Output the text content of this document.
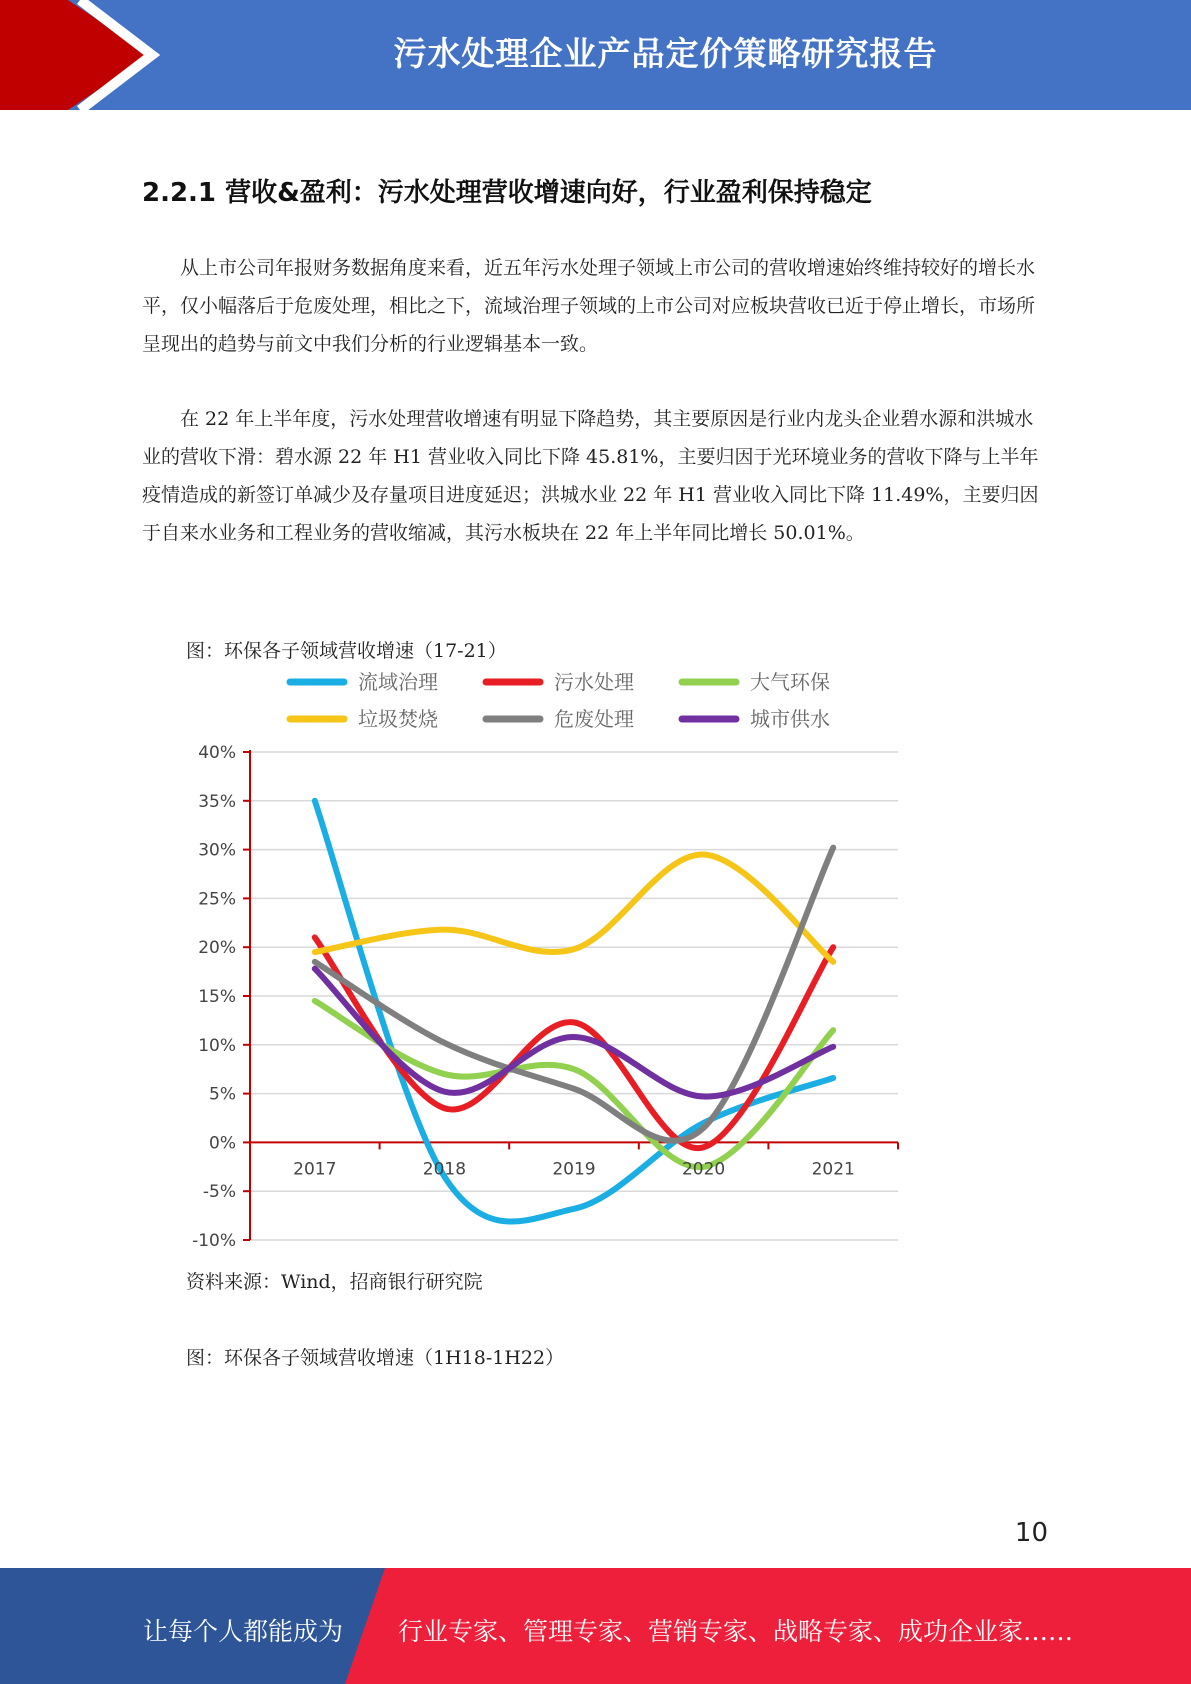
污水处理企业产品定价策略研究报告
2.2.1 营收&盈利：污水处理营收增速向好，行业盈利保持稳定

从上市公司年报财务数据角度来看，近五年污水处理子领域上市公司的营收增速始终维持较好的增长水平，仅小幅落后于危废处理，相比之下，流域治理子领域的上市公司对应板块营收已近于停止增长，市场所呈现出的趋势与前文中我们分析的行业逻辑基本一致。

在 22 年上半年度，污水处理营收增速有明显下降趋势，其主要原因是行业内龙头企业碧水源和洪城水业的营收下滑：碧水源 22 年 H1 营业收入同比下降 45.81%，主要归因于光环境业务的营收下降与上半年疫情造成的新签订单减少及存量项目进度延迟；洪城水业 22 年 H1 营业收入同比下降 11.49%，主要归因于自来水业务和工程业务的营收缩减，其污水板块在 22 年上半年同比增长 50.01%。

图：环保各子领域营收增速（17-21）
流域治理	污水处理	大气环保
垃圾焚烧	危废处理	城市供水
40%
35%
30%
25%
20%
15%
10%
5%
0%
-5%
-10%
2017	2018	2019	2020	2021
资料来源：Wind，招商银行研究院
图：环保各子领域营收增速（1H18-1H22）
10
让每个人都能成为 行业专家、管理专家、营销专家、战略专家、成功企业家……
